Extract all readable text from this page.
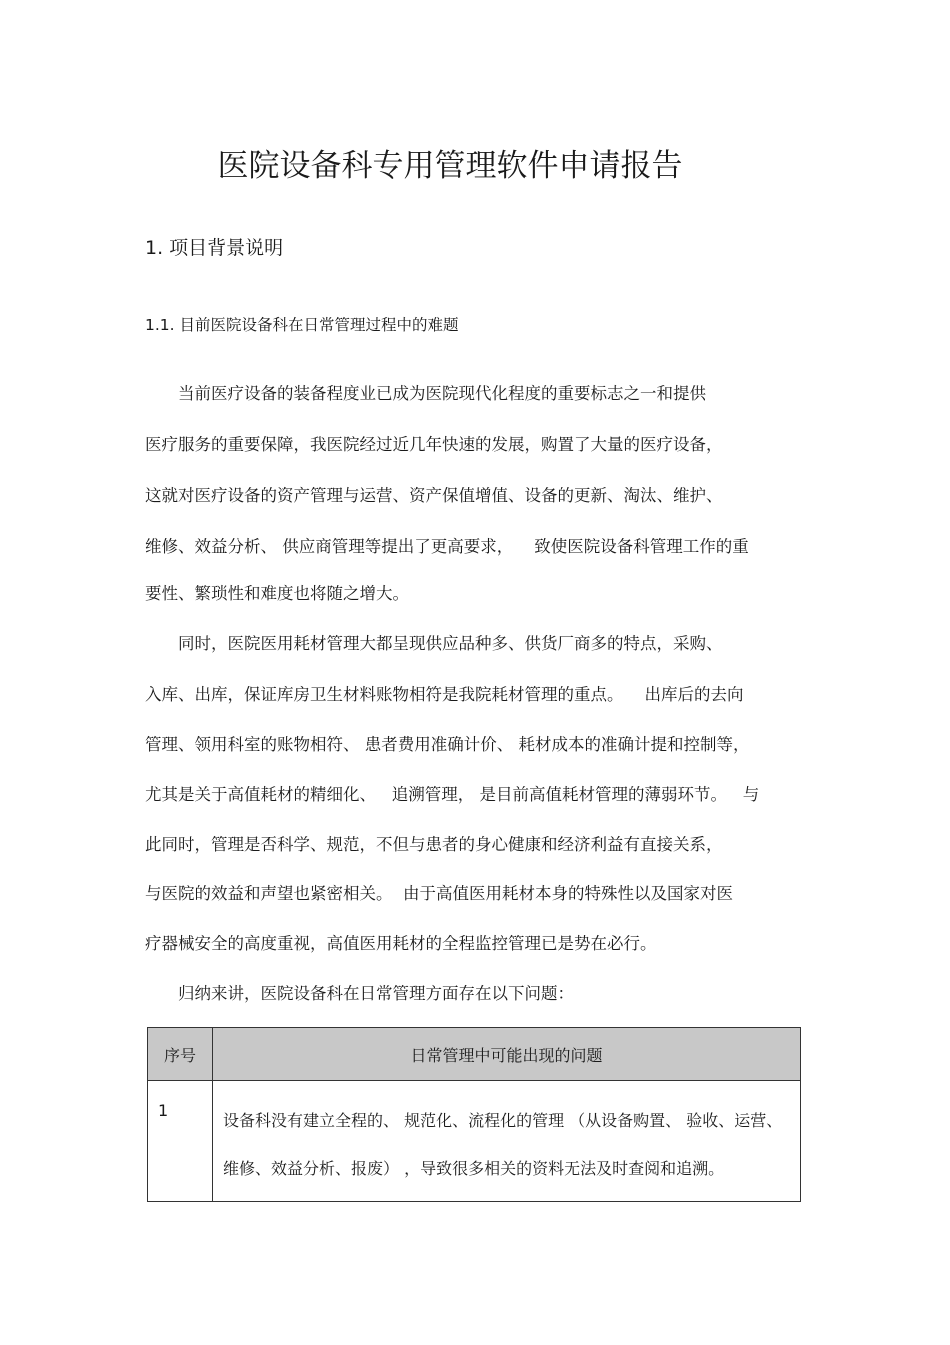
医院设备科专用管理软件申请报告
1. 项目背景说明
1.1. 目前医院设备科在日常管理过程中的难题

当前医疗设备的装备程度业已成为医院现代化程度的重要标志之一和提供

医疗服务的重要保障，我医院经过近几年快速的发展，购置了大量的医疗设备，

这就对医疗设备的资产管理与运营、资产保值增值、设备的更新、淘汰、维护、

维修、效益分析、 供应商管理等提出了更高要求，    致使医院设备科管理工作的重

要性、繁琐性和难度也将随之增大。

同时，医院医用耗材管理大都呈现供应品种多、供货厂商多的特点，采购、

入库、出库，保证库房卫生材料账物相符是我院耗材管理的重点。    出库后的去向

管理、领用科室的账物相符、 患者费用准确计价、 耗材成本的准确计提和控制等，

尤其是关于高值耗材的精细化、   追溯管理， 是目前高值耗材管理的薄弱环节。   与

此同时，管理是否科学、规范，不但与患者的身心健康和经济利益有直接关系，

与医院的效益和声望也紧密相关。  由于高值医用耗材本身的特殊性以及国家对医

疗器械安全的高度重视，高值医用耗材的全程监控管理已是势在必行。

归纳来讲，医院设备科在日常管理方面存在以下问题：

序号	日常管理中可能出现的问题
1	设备科没有建立全程的、 规范化、流程化的管理 （从设备购置、 验收、运营、维修、效益分析、报废） ，导致很多相关的资料无法及时查阅和追溯。
